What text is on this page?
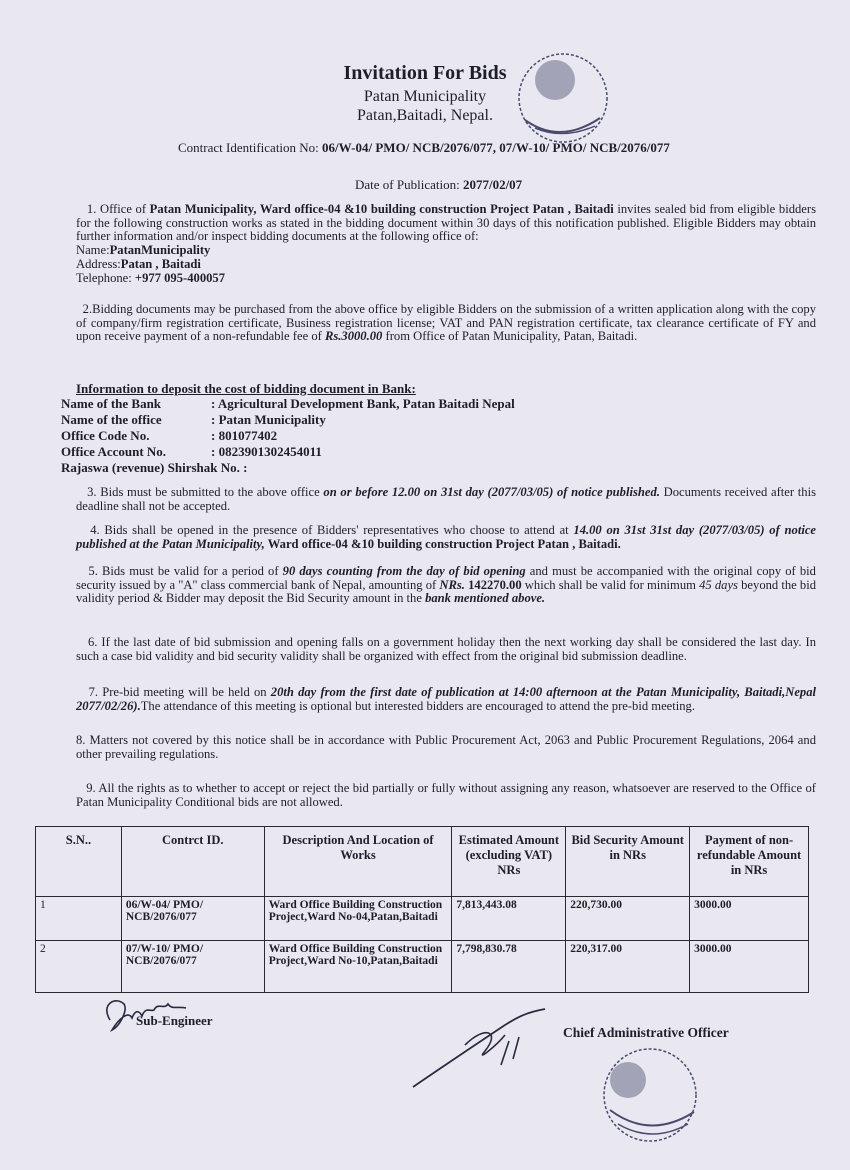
Invitation For Bids
Patan Municipality
Patan,Baitadi, Nepal.
Contract Identification No: 06/W-04/ PMO/ NCB/2076/077, 07/W-10/ PMO/ NCB/2076/077
Date of Publication: 2077/02/07
1. Office of Patan Municipality, Ward office-04 &10 building construction Project Patan , Baitadi invites sealed bid from eligible bidders for the following construction works as stated in the bidding document within 30 days of this notification published. Eligible Bidders may obtain further information and/or inspect bidding documents at the following office of:
Name:PatanMunicipality
Address:Patan , Baitadi
Telephone: +977 095-400057
2.Bidding documents may be purchased from the above office by eligible Bidders on the submission of a written application along with the copy of company/firm registration certificate, Business registration license; VAT and PAN registration certificate, tax clearance certificate of FY and upon receive payment of a non-refundable fee of Rs.3000.00 from Office of Patan Municipality, Patan, Baitadi.
Information to deposit the cost of bidding document in Bank:
Name of the Bank	: Agricultural Development Bank, Patan Baitadi Nepal
Name of the office	: Patan Municipality
Office Code No.	: 801077402
Office Account No.	: 0823901302454011
Rajaswa (revenue) Shirshak No. :
3. Bids must be submitted to the above office on or before 12.00 on 31st day (2077/03/05) of notice published. Documents received after this deadline shall not be accepted.
4. Bids shall be opened in the presence of Bidders' representatives who choose to attend at 14.00 on 31st 31st day (2077/03/05) of notice published at the Patan Municipality, Ward office-04 &10 building construction Project Patan , Baitadi.
5. Bids must be valid for a period of 90 days counting from the day of bid opening and must be accompanied with the original copy of bid security issued by a "A" class commercial bank of Nepal, amounting of NRs. 142270.00 which shall be valid for minimum 45 days beyond the bid validity period & Bidder may deposit the Bid Security amount in the bank mentioned above.
6. If the last date of bid submission and opening falls on a government holiday then the next working day shall be considered the last day. In such a case bid validity and bid security validity shall be organized with effect from the original bid submission deadline.
7. Pre-bid meeting will be held on 20th day from the first date of publication at 14:00 afternoon at the Patan Municipality, Baitadi,Nepal 2077/02/26).The attendance of this meeting is optional but interested bidders are encouraged to attend the pre-bid meeting.
8. Matters not covered by this notice shall be in accordance with Public Procurement Act, 2063 and Public Procurement Regulations, 2064 and other prevailing regulations.
9. All the rights as to whether to accept or reject the bid partially or fully without assigning any reason, whatsoever are reserved to the Office of Patan Municipality Conditional bids are not allowed.
S.N..	Contrct ID.	Description And Location of Works	Estimated Amount (excluding VAT) NRs	Bid Security Amount in NRs	Payment of non-refundable Amount in NRs
1	06/W-04/ PMO/ NCB/2076/077	Ward Office Building Construction Project,Ward No-04,Patan,Baitadi	7,813,443.08	220,730.00	3000.00
2	07/W-10/ PMO/ NCB/2076/077	Ward Office Building Construction Project,Ward No-10,Patan,Baitadi	7,798,830.78	220,317.00	3000.00
Sub-Engineer
Chief Administrative Officer
